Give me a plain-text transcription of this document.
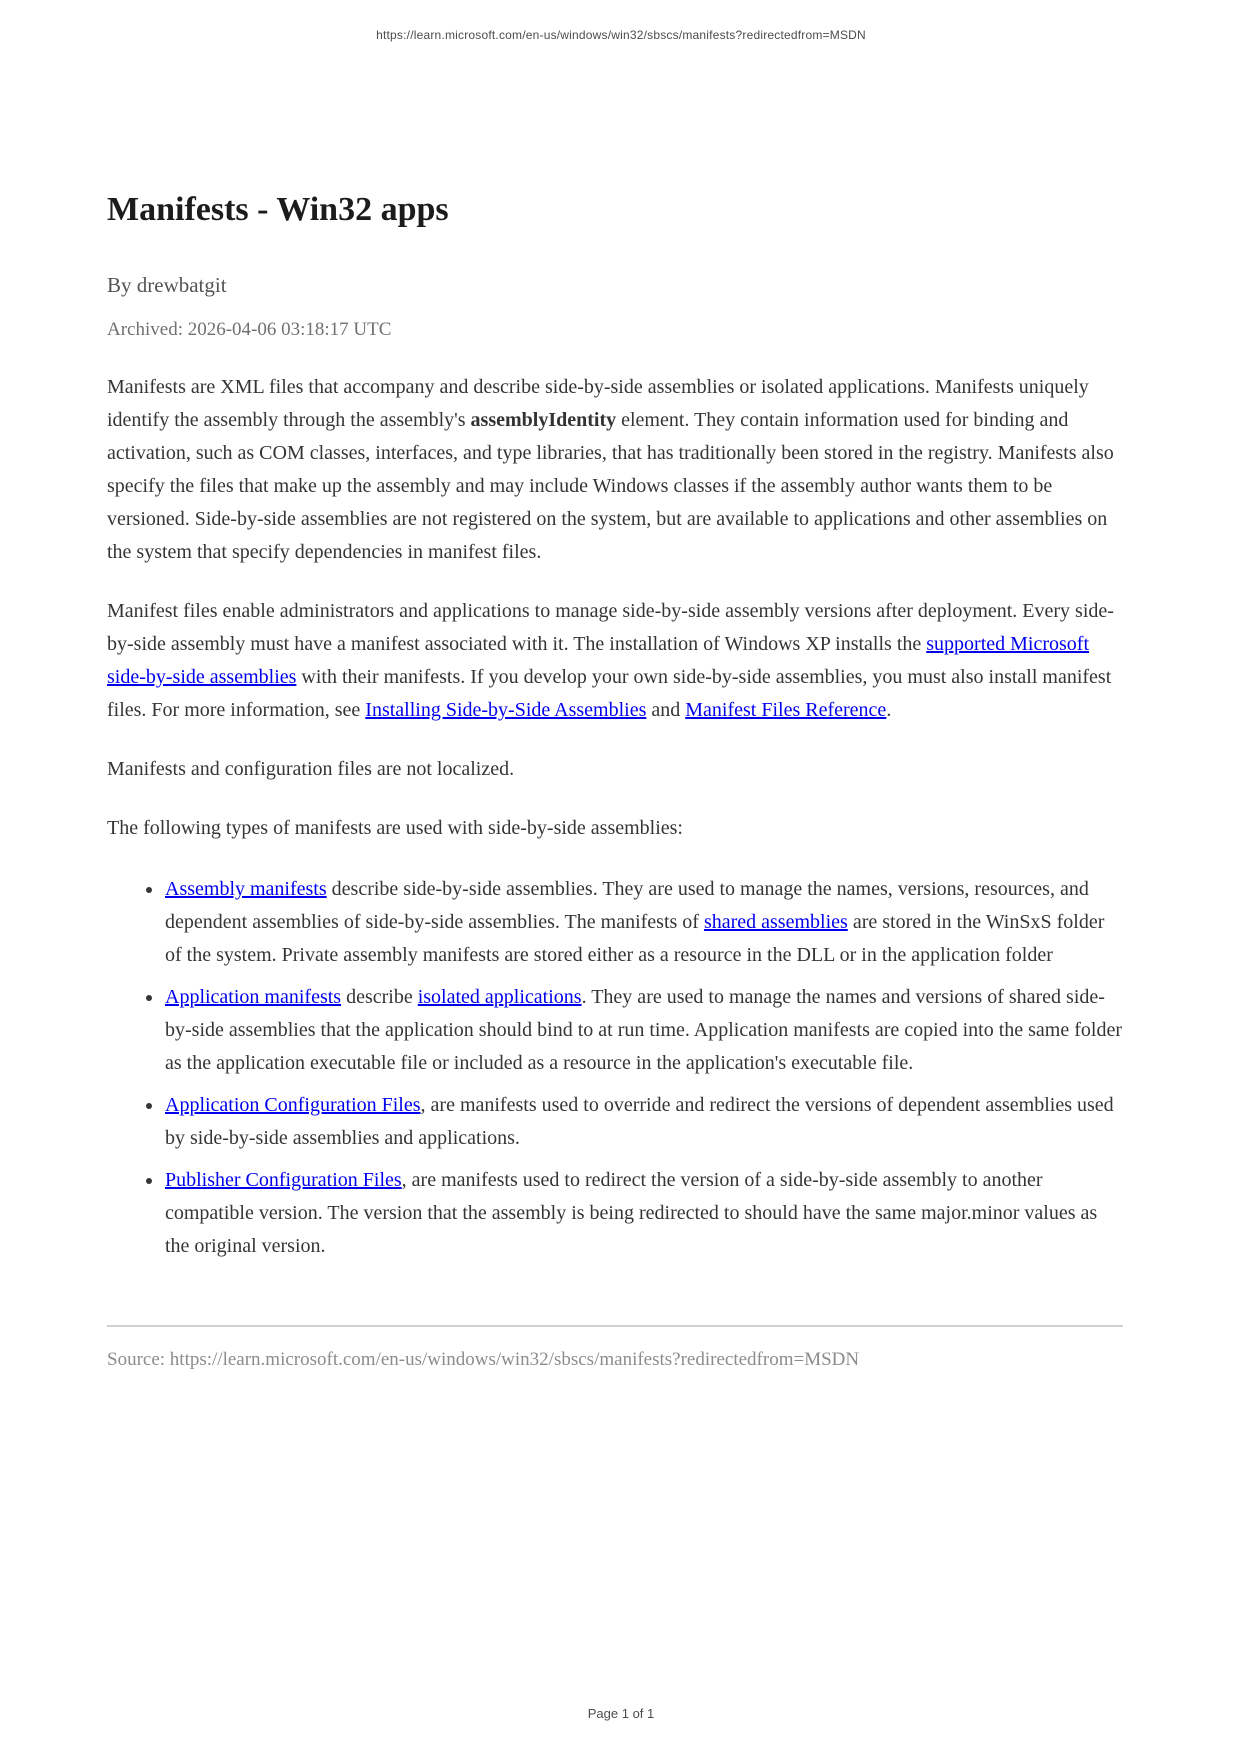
https://learn.microsoft.com/en-us/windows/win32/sbscs/manifests?redirectedfrom=MSDN
Manifests - Win32 apps
By drewbatgit
Archived: 2026-04-06 03:18:17 UTC

Manifests are XML files that accompany and describe side-by-side assemblies or isolated applications. Manifests uniquely identify the assembly through the assembly's assemblyIdentity element. They contain information used for binding and activation, such as COM classes, interfaces, and type libraries, that has traditionally been stored in the registry. Manifests also specify the files that make up the assembly and may include Windows classes if the assembly author wants them to be versioned. Side-by-side assemblies are not registered on the system, but are available to applications and other assemblies on the system that specify dependencies in manifest files.

Manifest files enable administrators and applications to manage side-by-side assembly versions after deployment. Every side-by-side assembly must have a manifest associated with it. The installation of Windows XP installs the supported Microsoft side-by-side assemblies with their manifests. If you develop your own side-by-side assemblies, you must also install manifest files. For more information, see Installing Side-by-Side Assemblies and Manifest Files Reference.

Manifests and configuration files are not localized.

The following types of manifests are used with side-by-side assemblies:

• Assembly manifests describe side-by-side assemblies. They are used to manage the names, versions, resources, and dependent assemblies of side-by-side assemblies. The manifests of shared assemblies are stored in the WinSxS folder of the system. Private assembly manifests are stored either as a resource in the DLL or in the application folder
• Application manifests describe isolated applications. They are used to manage the names and versions of shared side-by-side assemblies that the application should bind to at run time. Application manifests are copied into the same folder as the application executable file or included as a resource in the application's executable file.
• Application Configuration Files, are manifests used to override and redirect the versions of dependent assemblies used by side-by-side assemblies and applications.
• Publisher Configuration Files, are manifests used to redirect the version of a side-by-side assembly to another compatible version. The version that the assembly is being redirected to should have the same major.minor values as the original version.
Source: https://learn.microsoft.com/en-us/windows/win32/sbscs/manifests?redirectedfrom=MSDN
Page 1 of 1
